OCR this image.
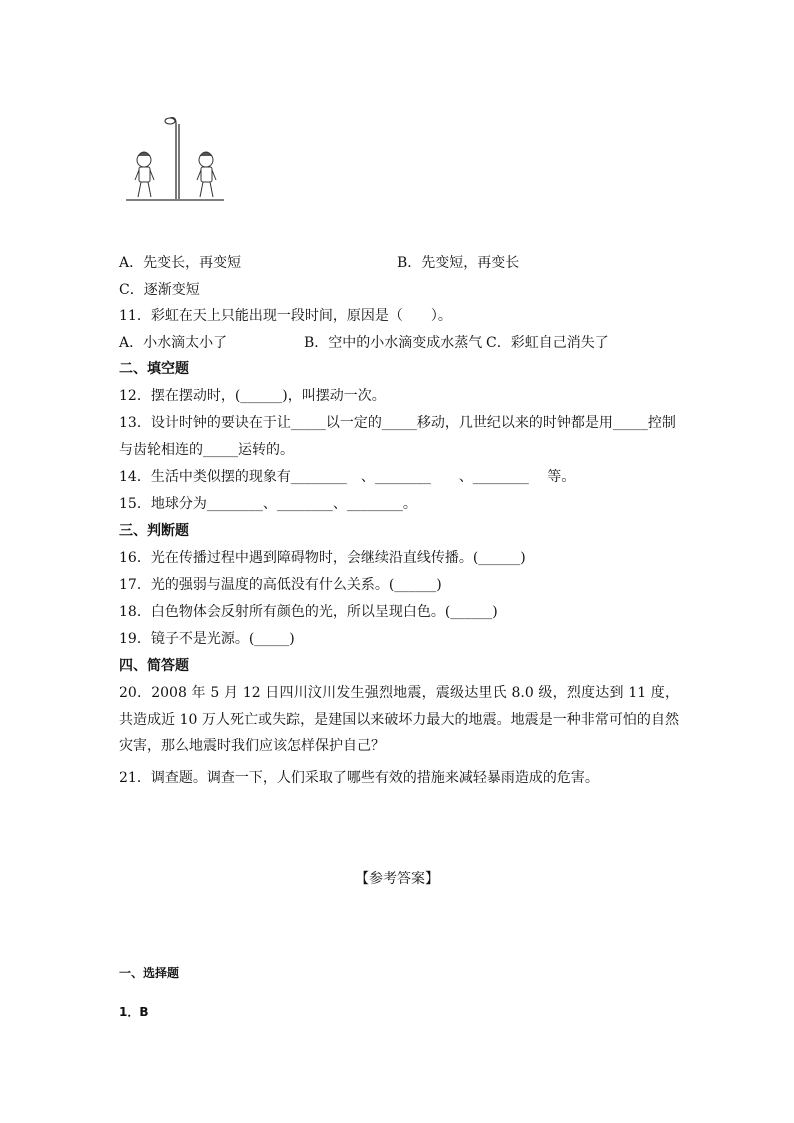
A．先变长，再变短	B．先变短，再变长
C．逐渐变短
11．彩虹在天上只能出现一段时间，原因是（　　）。
A．小水滴太小了	B．空中的小水滴变成水蒸气 C．彩虹自己消失了
二、填空题
12．摆在摆动时，(______)，叫摆动一次。
13．设计时钟的要诀在于让_____以一定的_____移动，几世纪以来的时钟都是用_____控制
与齿轮相连的_____运转的。
14．生活中类似摆的现象有________　、________　　、________　 等。
15．地球分为________、________、________。
三、判断题
16．光在传播过程中遇到障碍物时，会继续沿直线传播。(______)
17．光的强弱与温度的高低没有什么关系。(______)
18．白色物体会反射所有颜色的光，所以呈现白色。(______)
19．镜子不是光源。(_____)
四、简答题
20．2008 年 5 月 12 日四川汶川发生强烈地震，震级达里氏 8.0 级，烈度达到 11 度，共造成近 10 万人死亡或失踪，是建国以来破坏力最大的地震。地震是一种非常可怕的自然灾害，那么地震时我们应该怎样保护自己？
21．调查题。调查一下，人们采取了哪些有效的措施来减轻暴雨造成的危害。
【参考答案】
一、选择题
1．B
